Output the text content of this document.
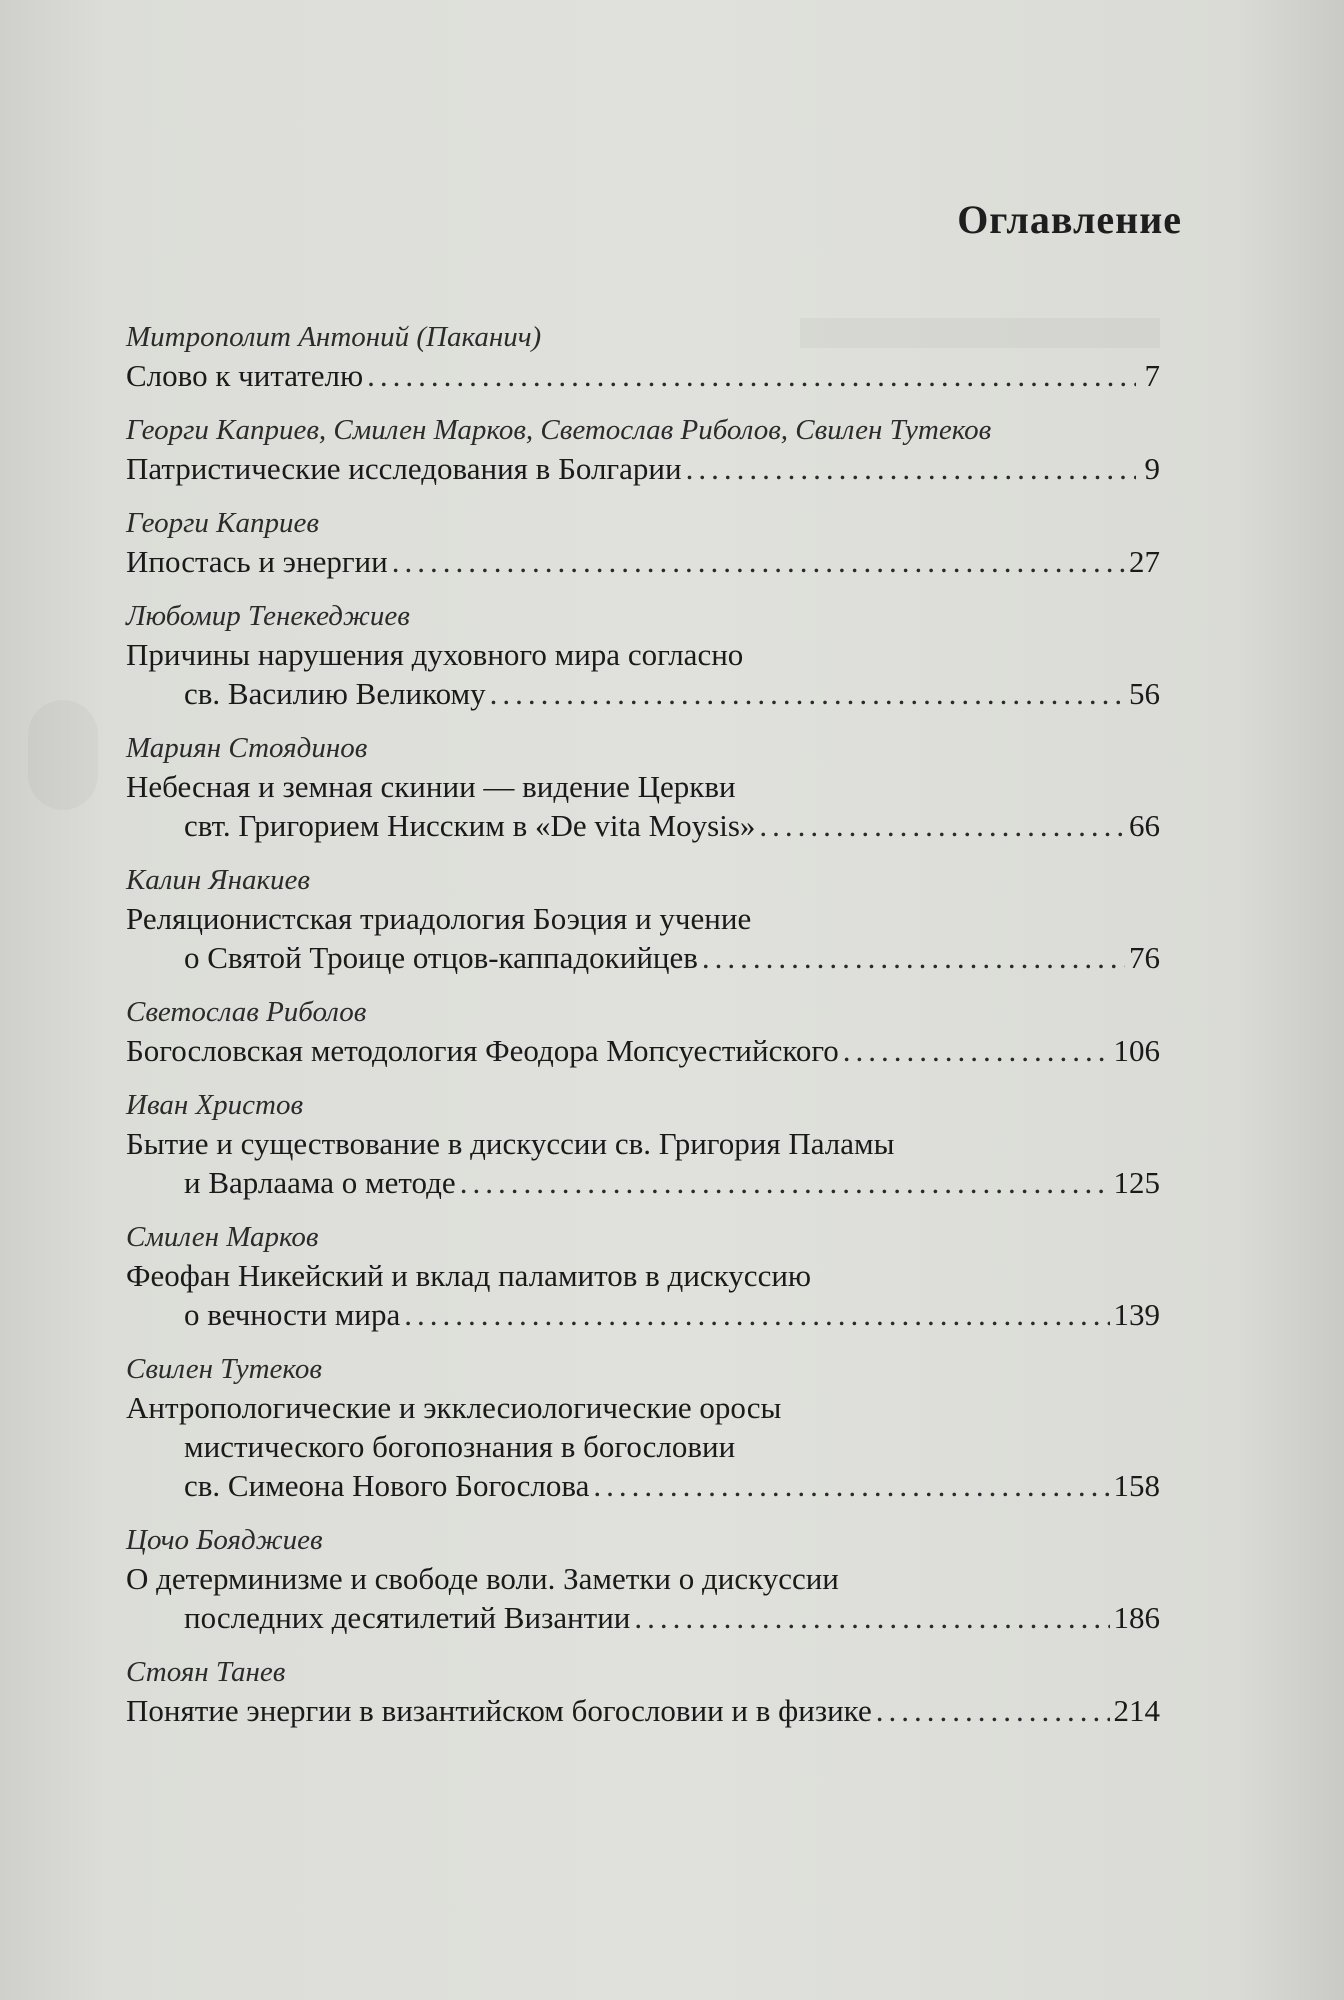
Оглавление
Митрополит Антоний (Паканич)
Слово к читателю .....	7
Георги Каприев, Смилен Марков, Светослав Риболов, Свилен Тутеков
Патристические исследования в Болгарии .....	9
Георги Каприев
Ипостась и энергии .....	27
Любомир Тенекеджиев
Причины нарушения духовного мира согласно
св. Василию Великому .....	56
Мариян Стоядинов
Небесная и земная скинии — видение Церкви
свт. Григорием Нисским в «De vita Moysis» .....	66
Калин Янакиев
Реляционистская триадология Боэция и учение
о Святой Троице отцов-каппадокийцев .....	76
Светослав Риболов
Богословская методология Феодора Мопсуестийского .....	106
Иван Христов
Бытие и существование в дискуссии св. Григория Паламы
и Варлаама о методе .....	125
Смилен Марков
Феофан Никейский и вклад паламитов в дискуссию
о вечности мира .....	139
Свилен Тутеков
Антропологические и экклесиологические оросы
мистического богопознания в богословии
св. Симеона Нового Богослова .....	158
Цочо Бояджиев
О детерминизме и свободе воли. Заметки о дискуссии
последних десятилетий Византии .....	186
Стоян Танев
Понятие энергии в византийском богословии и в физике .....	214
